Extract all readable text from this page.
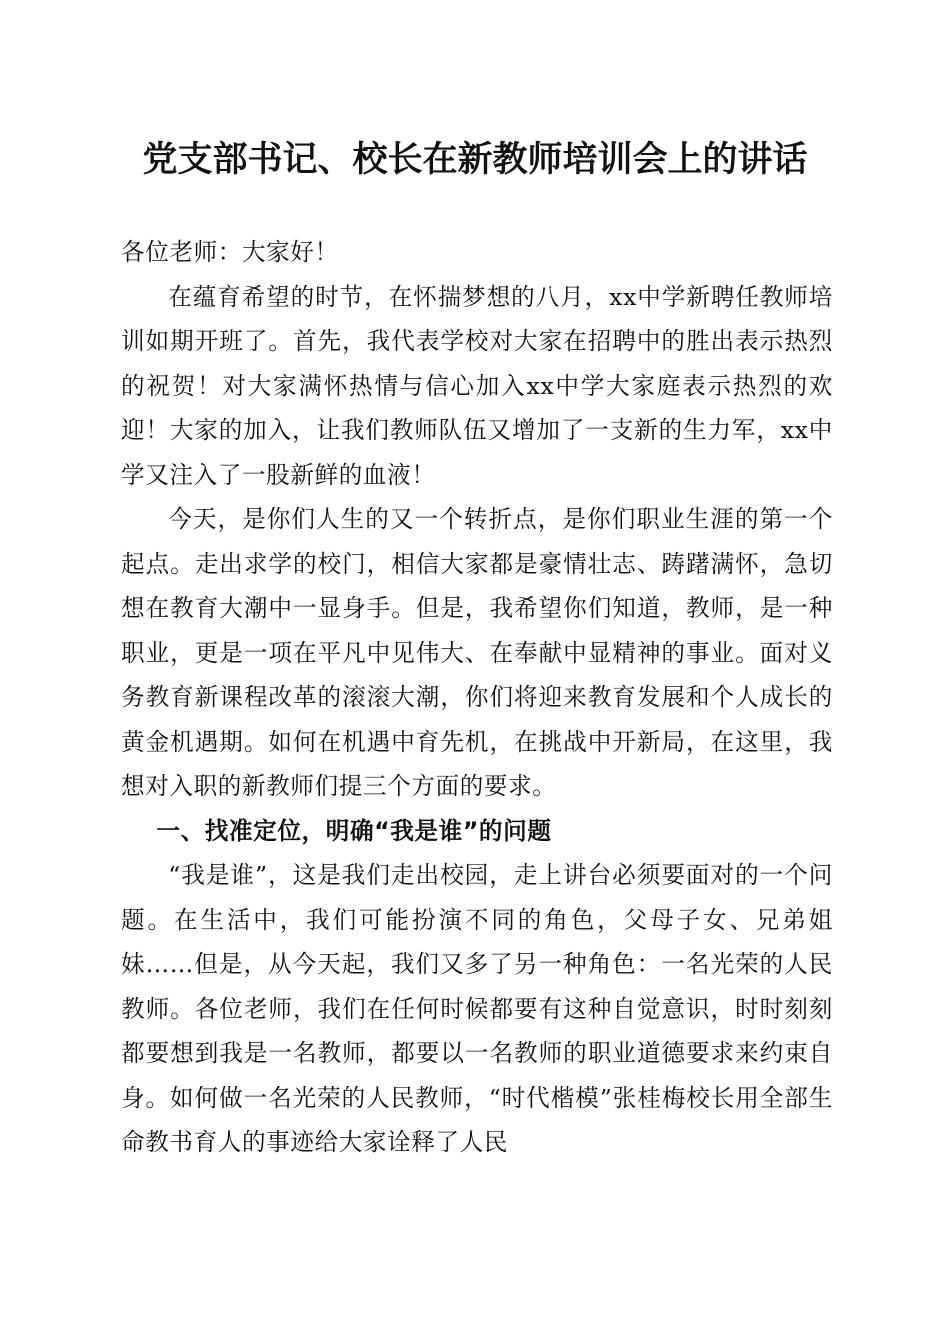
党支部书记、校长在新教师培训会上的讲话

各位老师：大家好！

在蕴育希望的时节，在怀揣梦想的八月，xx中学新聘任教师培训如期开班了。首先，我代表学校对大家在招聘中的胜出表示热烈的祝贺！对大家满怀热情与信心加入xx中学大家庭表示热烈的欢迎！大家的加入，让我们教师队伍又增加了一支新的生力军，xx中学又注入了一股新鲜的血液！

今天，是你们人生的又一个转折点，是你们职业生涯的第一个起点。走出求学的校门，相信大家都是豪情壮志、踌躇满怀，急切想在教育大潮中一显身手。但是，我希望你们知道，教师，是一种职业，更是一项在平凡中见伟大、在奉献中显精神的事业。面对义务教育新课程改革的滚滚大潮，你们将迎来教育发展和个人成长的黄金机遇期。如何在机遇中育先机，在挑战中开新局，在这里，我想对入职的新教师们提三个方面的要求。

一、找准定位，明确“我是谁”的问题

“我是谁”，这是我们走出校园，走上讲台必须要面对的一个问题。在生活中，我们可能扮演不同的角色，父母子女、兄弟姐妹……但是，从今天起，我们又多了另一种角色：一名光荣的人民教师。各位老师，我们在任何时候都要有这种自觉意识，时时刻刻都要想到我是一名教师，都要以一名教师的职业道德要求来约束自身。如何做一名光荣的人民教师，“时代楷模”张桂梅校长用全部生命教书育人的事迹给大家诠释了人民
